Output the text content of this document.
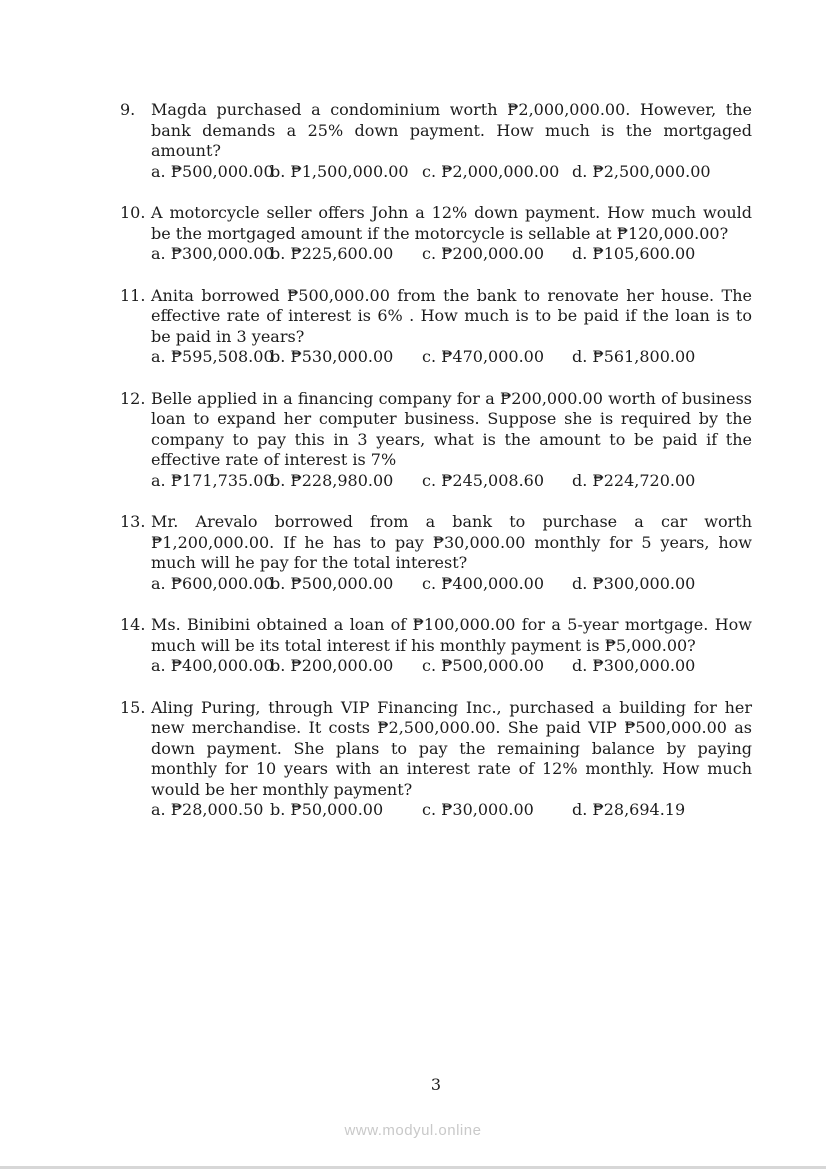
9. Magda purchased a condominium worth ₱2,000,000.00. However, the bank demands a 25% down payment. How much is the mortgaged amount?
a. ₱500,000.00
b. ₱1,500,000.00 c. ₱2,000,000.00 d. ₱2,500,000.00
10. A motorcycle seller offers John a 12% down payment. How much would be the mortgaged amount if the motorcycle is sellable at ₱120,000.00?
a. ₱300,000.00
b. ₱225,600.00	c. ₱200,000.00	d. ₱105,600.00
11. Anita borrowed ₱500,000.00 from the bank to renovate her house. The effective rate of interest is 6% . How much is to be paid if the loan is to be paid in 3 years?
a. ₱595,508.00
b. ₱530,000.00	c. ₱470,000.00	d. ₱561,800.00
12. Belle applied in a financing company for a ₱200,000.00 worth of business loan to expand her computer business. Suppose she is required by the company to pay this in 3 years, what is the amount to be paid if the effective rate of interest is 7%
a. ₱171,735.00
b. ₱228,980.00	c. ₱245,008.60	d. ₱224,720.00
13. Mr. Arevalo borrowed from a bank to purchase a car worth ₱1,200,000.00. If he has to pay ₱30,000.00 monthly for 5 years, how much will he pay for the total interest?
a. ₱600,000.00
b. ₱500,000.00	c. ₱400,000.00	d. ₱300,000.00
14. Ms. Binibini obtained a loan of ₱100,000.00 for a 5-year mortgage. How much will be its total interest if his monthly payment is ₱5,000.00?
a. ₱400,000.00
b. ₱200,000.00	c. ₱500,000.00	d. ₱300,000.00
15. Aling Puring, through VIP Financing Inc., purchased a building for her new merchandise. It costs ₱2,500,000.00. She paid VIP ₱500,000.00 as down payment. She plans to pay the remaining balance by paying monthly for 10 years with an interest rate of 12% monthly. How much would be her monthly payment?
a. ₱28,000.50 b. ₱50,000.00	c. ₱30,000.00	d. ₱28,694.19
3
www.modyul.online
